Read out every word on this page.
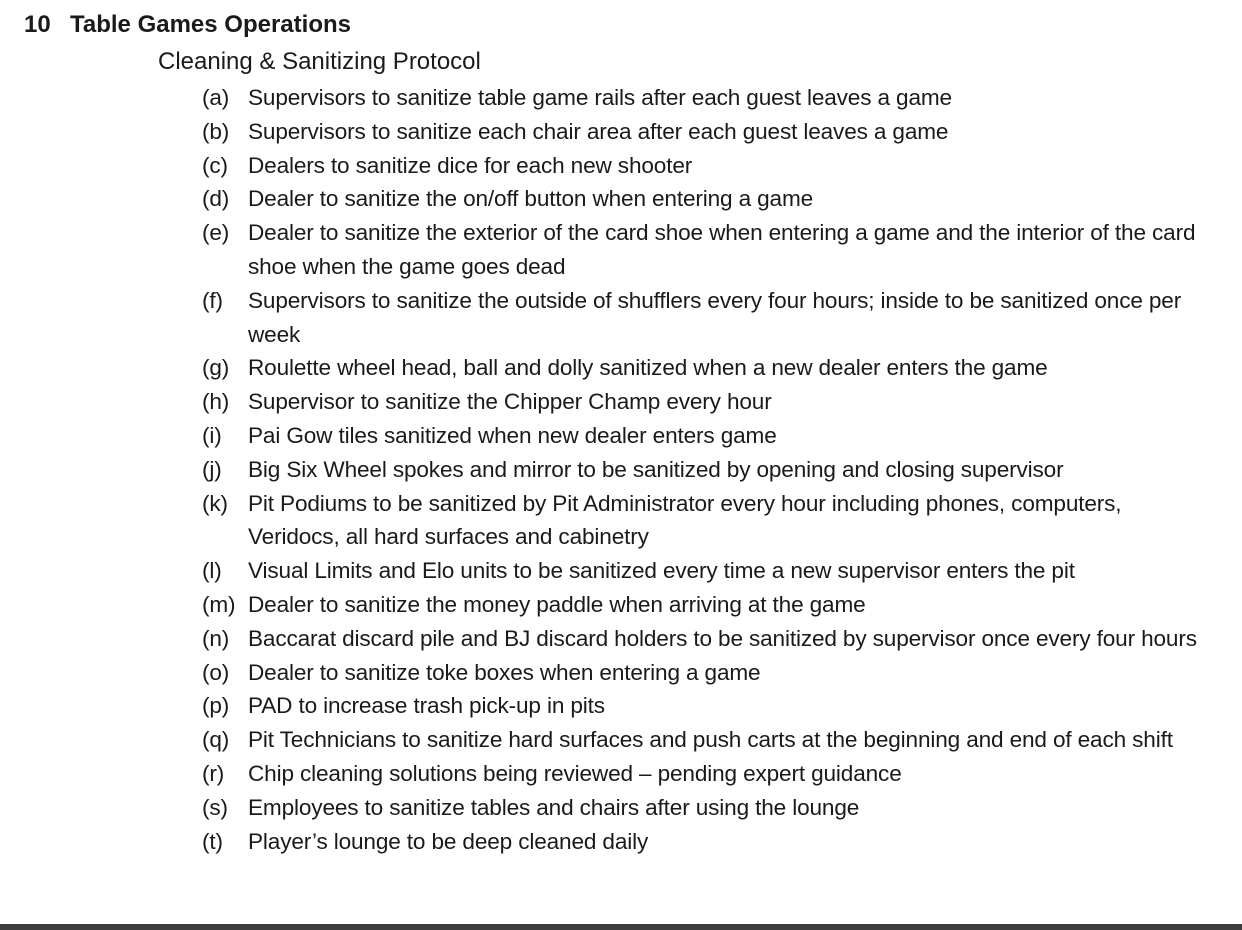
10 Table Games Operations
Cleaning & Sanitizing Protocol
(a) Supervisors to sanitize table game rails after each guest leaves a game
(b) Supervisors to sanitize each chair area after each guest leaves a game
(c) Dealers to sanitize dice for each new shooter
(d) Dealer to sanitize the on/off button when entering a game
(e) Dealer to sanitize the exterior of the card shoe when entering a game and the interior of the card shoe when the game goes dead
(f)	Supervisors to sanitize the outside of shufflers every four hours; inside to be sanitized once per week
(g) Roulette wheel head, ball and dolly sanitized when a new dealer enters the game
(h) Supervisor to sanitize the Chipper Champ every hour
(i)	Pai Gow tiles sanitized when new dealer enters game
(j)	Big Six Wheel spokes and mirror to be sanitized by opening and closing supervisor
(k) Pit Podiums to be sanitized by Pit Administrator every hour including phones, computers, Veridocs, all hard surfaces and cabinetry
(l)	Visual Limits and Elo units to be sanitized every time a new supervisor enters the pit
(m) Dealer to sanitize the money paddle when arriving at the game
(n) Baccarat discard pile and BJ discard holders to be sanitized by supervisor once every four hours
(o) Dealer to sanitize toke boxes when entering a game
(p) PAD to increase trash pick-up in pits
(q) Pit Technicians to sanitize hard surfaces and push carts at the beginning and end of each shift
(r)	Chip cleaning solutions being reviewed – pending expert guidance
(s) Employees to sanitize tables and chairs after using the lounge
(t)	Player’s lounge to be deep cleaned daily
